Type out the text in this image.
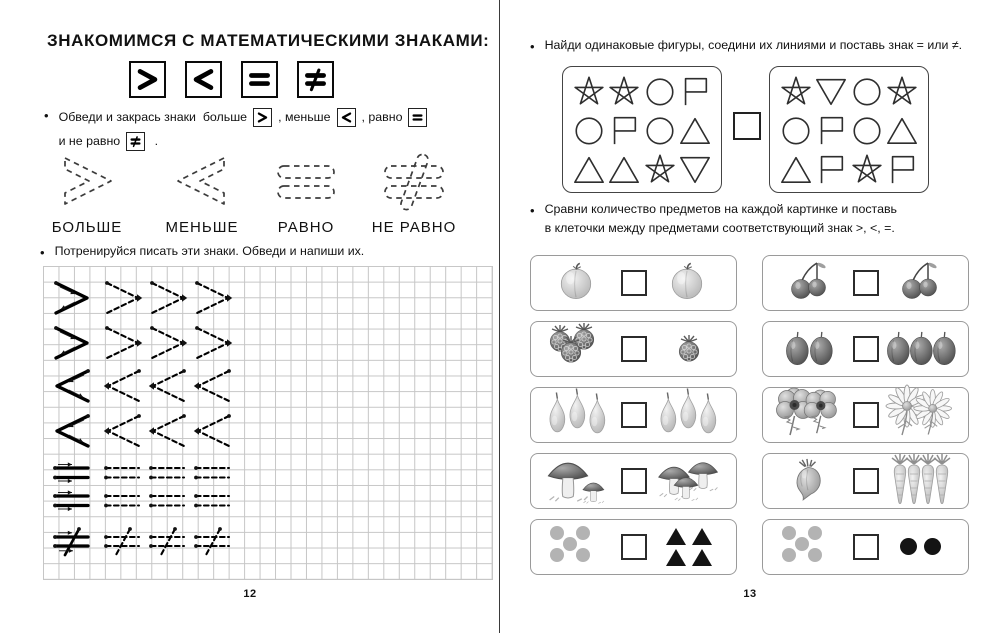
ЗНАКОМИМСЯ С МАТЕМАТИЧЕСКИМИ ЗНАКАМИ:
• Обведи и закрась знаки  больше	, меньше	, равно
и не равно	.
БОЛЬШЕ	МЕНЬШЕ	РАВНО	НЕ РАВНО
• Потренируйся писать эти знаки. Обведи и напиши их.
12
• Найди одинаковые фигуры, соедини их линиями и поставь знак = или ≠.
• Сравни количество предметов на каждой картинке и поставь
в клеточки между предметами соответствующий знак >, <, =.
13
